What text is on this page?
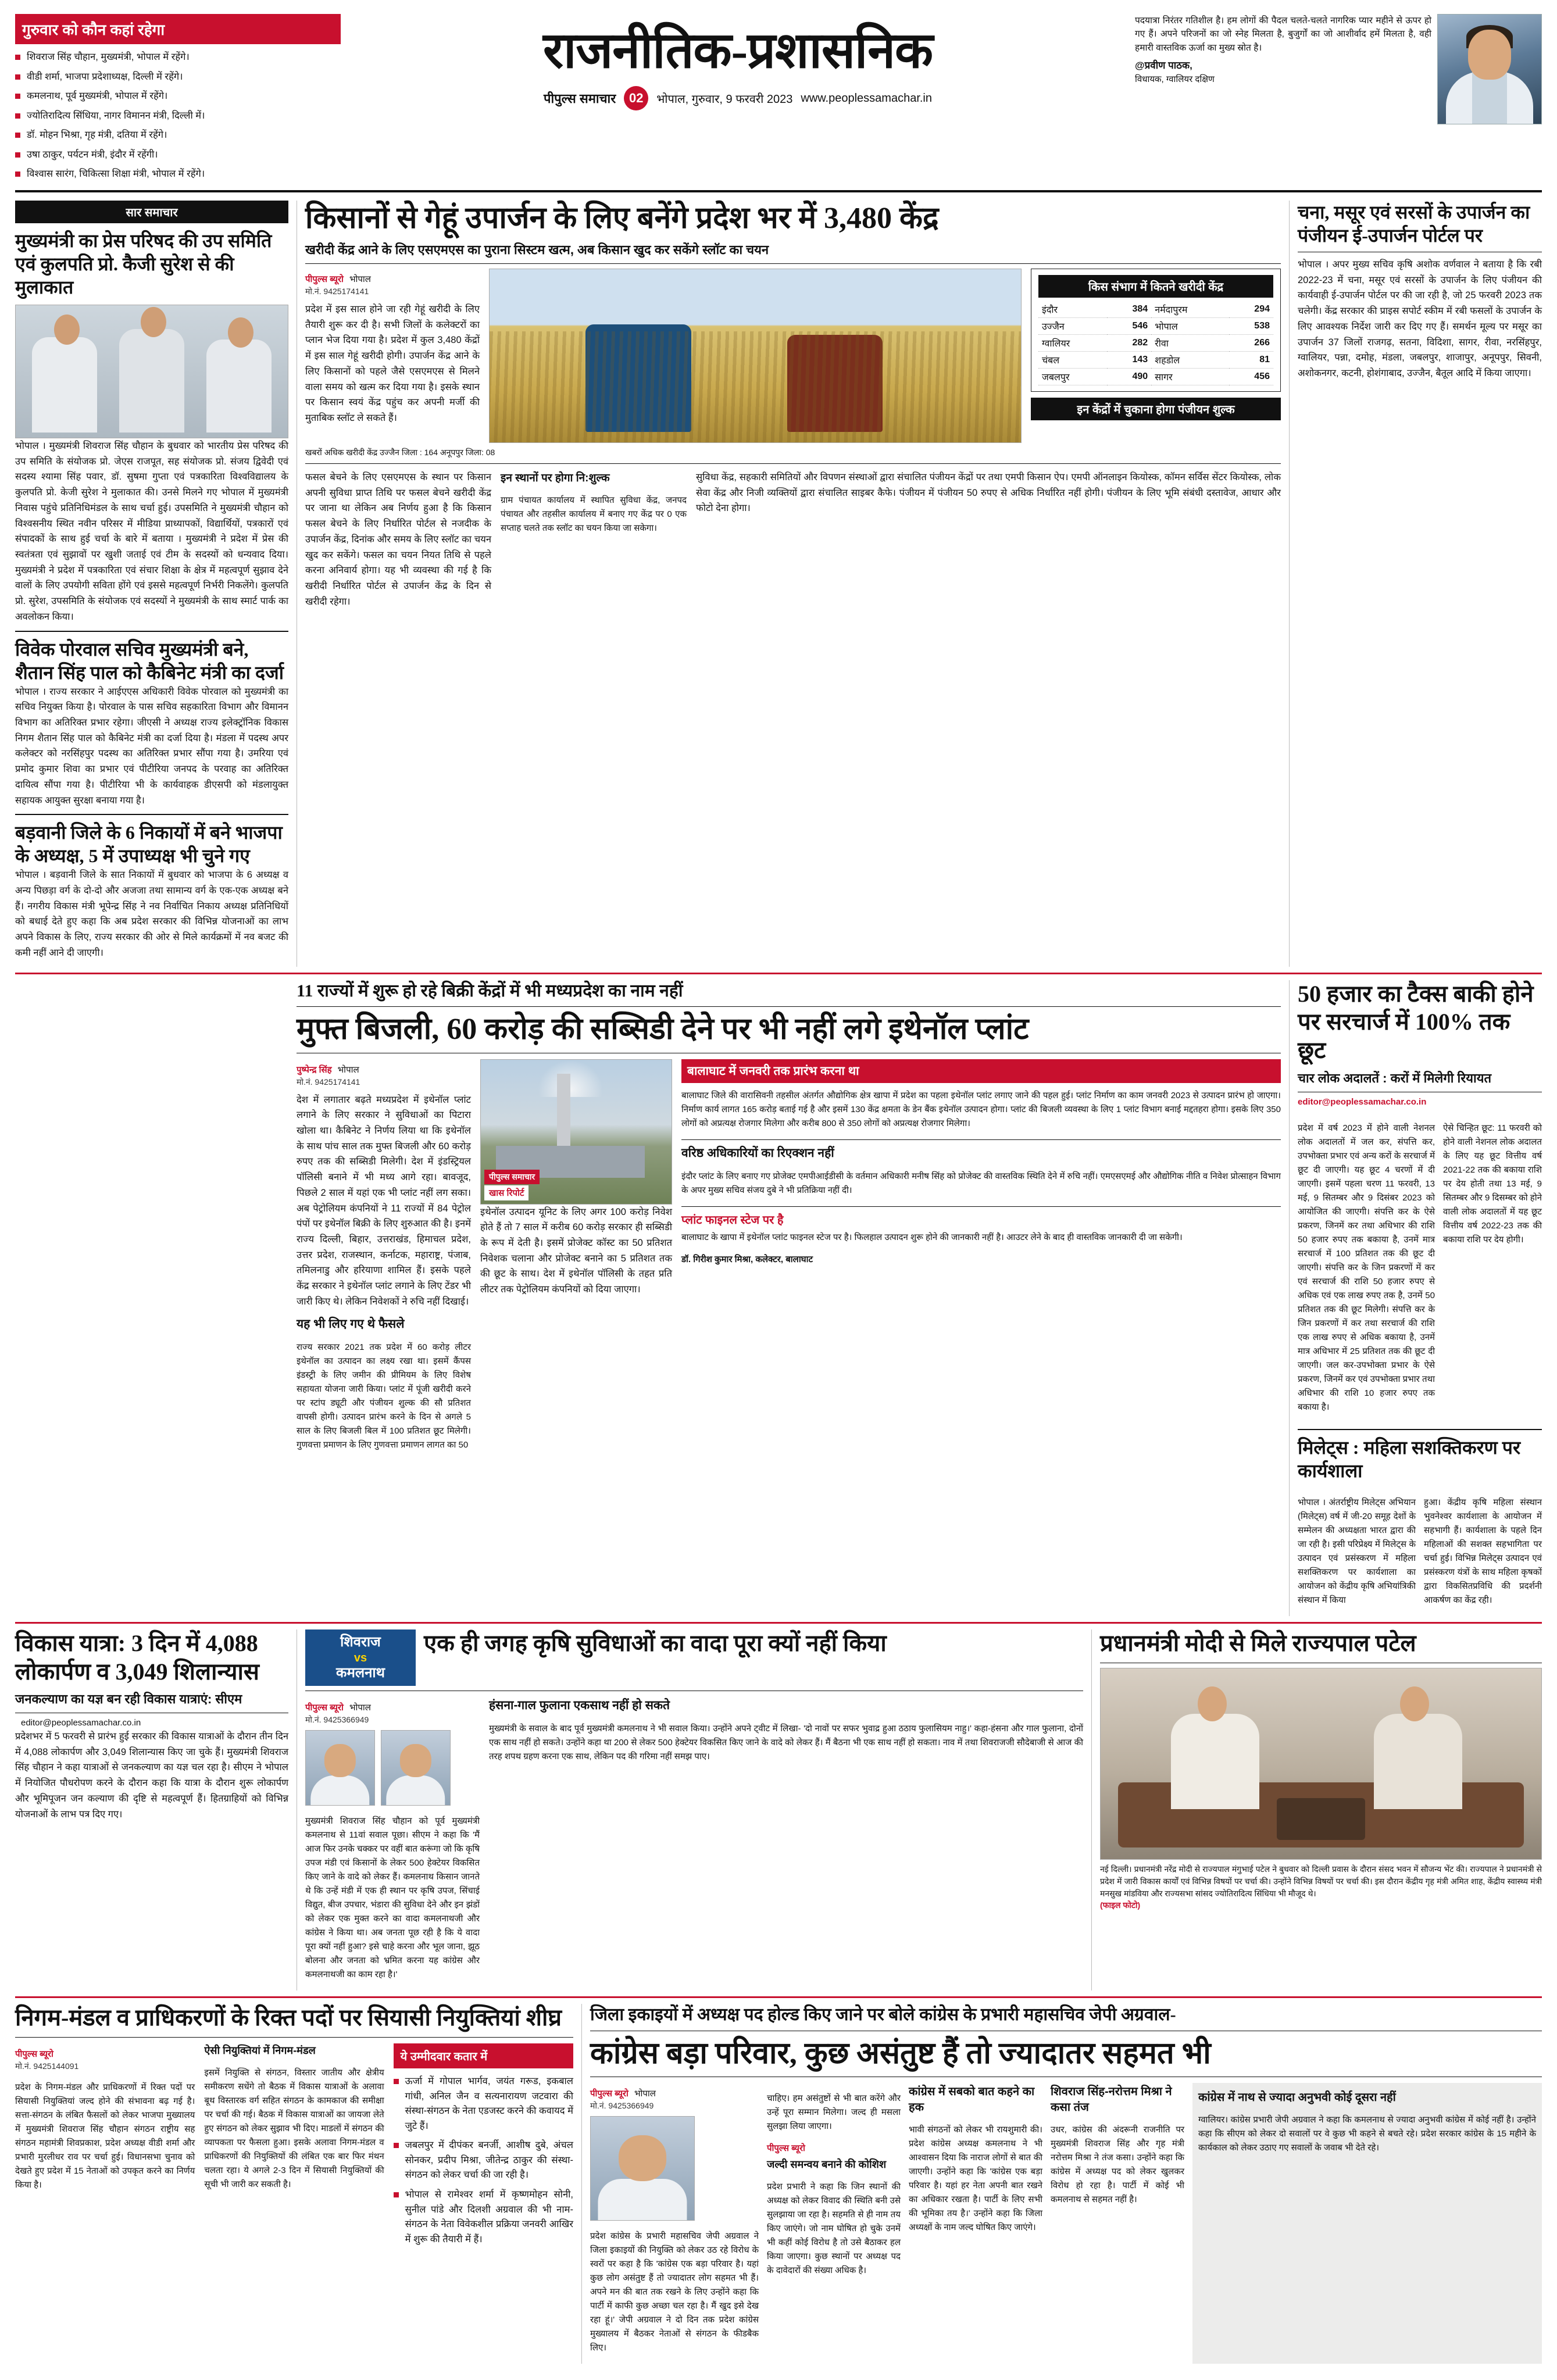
गुरुवार को कौन कहां रहेगा
शिवराज सिंह चौहान, मुख्यमंत्री, भोपाल में रहेंगे।
वीडी शर्मा, भाजपा प्रदेशाध्यक्ष, दिल्ली में रहेंगे।
कमलनाथ, पूर्व मुख्यमंत्री, भोपाल में रहेंगे।
ज्योतिरादित्य सिंधिया, नागर विमानन मंत्री, दिल्ली में।
डॉ. मोहन भिश्रा, गृह मंत्री, दतिया में रहेंगे।
उषा ठाकुर, पर्यटन मंत्री, इंदौर में रहेंगी।
विश्वास सारंग, चिकित्सा शिक्षा मंत्री, भोपाल में रहेंगे।
राजनीतिक-प्रशासनिक
पीपुल्स समाचार	02	भोपाल, गुरुवार, 9 फरवरी 2023 www.peoplessamachar.in
पदयात्रा निरंतर गतिशील है। हम लोगों की पैदल चलते-चलते नागरिक प्यार महीने से ऊपर हो गए हैं। अपने परिजनों का जो स्नेह मिलता है, बुजुर्गों का जो आशीर्वाद हमें मिलता है, वही हमारी वास्तविक ऊर्जा का मुख्य स्रोत है।
@प्रवीण पाठक,
विधायक, ग्वालियर दक्षिण
सार समाचार
मुख्यमंत्री का प्रेस परिषद की उप समिति एवं कुलपति प्रो. कैजी सुरेश से की मुलाकात

भोपाल । मुख्यमंत्री शिवराज सिंह चौहान के बुधवार को भारतीय प्रेस परिषद की उप समिति के संयोजक प्रो. जेएस राजपूत, सह संयोजक प्रो. संजय द्विवेदी एवं सदस्य श्यामा सिंह पवार, डॉ. सुषमा गुप्ता एवं पत्रकारिता विश्वविद्यालय के कुलपति प्रो. केजी सुरेश ने मुलाकात की। उनसे मिलने गए भोपाल में मुख्यमंत्री निवास पहुंचे प्रतिनिधिमंडल के साथ चर्चा हुई। उपसमिति ने मुख्यमंत्री चौहान को विश्वसनीय स्थित नवीन परिसर में मीडिया प्राध्यापकों, विद्यार्थियों, पत्रकारों एवं संपादकों के साथ हुई चर्चा के बारे में बताया । मुख्यमंत्री ने प्रदेश में प्रेस की स्वतंत्रता एवं सुझावों पर खुशी जताई एवं टीम के सदस्यों को धन्यवाद दिया। मुख्यमंत्री ने प्रदेश में पत्रकारिता एवं संचार शिक्षा के क्षेत्र में महत्वपूर्ण सुझाव देने वालों के लिए उपयोगी सविता होंगे एवं इससे महत्वपूर्ण निर्भरी निकलेंगे। कुलपति प्रो. सुरेश, उपसमिति के संयोजक एवं सदस्यों ने मुख्यमंत्री के साथ स्मार्ट पार्क का अवलोकन किया।

विवेक पोरवाल सचिव मुख्यमंत्री बने, शैतान सिंह पाल को कैबिनेट मंत्री का दर्जा

भोपाल । राज्य सरकार ने आईएएस अधिकारी विवेक पोरवाल को मुख्यमंत्री का सचिव नियुक्त किया है। पोरवाल के पास सचिव सहकारिता विभाग और विमानन विभाग का अतिरिक्त प्रभार रहेगा। जीएसी ने अध्यक्ष राज्य इलेक्ट्रॉनिक विकास निगम शैतान सिंह पाल को कैबिनेट मंत्री का दर्जा दिया है। मंडला में पदस्थ अपर कलेक्टर को नरसिंहपुर पदस्थ का अतिरिक्त प्रभार सौंपा गया है। उमरिया एवं प्रमोद कुमार शिवा का प्रभार एवं पीटीरिया जनपद के परवाह का अतिरिक्त दायित्व सौंपा गया है। पीटीरिया भी के कार्यवाहक डीएसपी को मंडलायुक्त सहायक आयुक्त सुरक्षा बनाया गया है।

बड़वानी जिले के 6 निकायों में बने भाजपा के अध्यक्ष, 5 में उपाध्यक्ष भी चुने गए

भोपाल । बड़वानी जिले के सात निकायों में बुधवार को भाजपा के 6 अध्यक्ष व अन्य पिछड़ा वर्ग के दो-दो और अजजा तथा सामान्य वर्ग के एक-एक अध्यक्ष बने हैं। नगरीय विकास मंत्री भूपेन्द्र सिंह ने नव निर्वाचित निकाय अध्यक्ष प्रतिनिधियों को बधाई देते हुए कहा कि अब प्रदेश सरकार की विभिन्न योजनाओं का लाभ अपने विकास के लिए, राज्य सरकार की ओर से मिले कार्यक्रमों में नव बजट की कमी नहीं आने दी जाएगी।

किसानों से गेहूं उपार्जन के लिए बनेंगे प्रदेश भर में 3,480 केंद्र
खरीदी केंद्र आने के लिए एसएमएस का पुराना सिस्टम खत्म, अब किसान खुद कर सकेंगे स्लॉट का चयन
पीपुल्स ब्यूरो भोपाल
मो.नं. 9425174141

प्रदेश में इस साल होने जा रही गेहूं खरीदी के लिए तैयारी शुरू कर दी है। सभी जिलों के कलेक्टरों का प्लान भेज दिया गया है। प्रदेश में कुल 3,480 केंद्रों में इस साल गेहूं खरीदी होगी। उपार्जन केंद्र आने के लिए किसानों को पहले जैसे एसएमएस से मिलने वाला समय को खत्म कर दिया गया है। इसके स्थान पर किसान स्वयं केंद्र पहुंच कर अपनी मर्जी की मुताबिक स्लॉट ले सकते हैं।

किस संभाग में कितने खरीदी केंद्र
इंदौर	384	नर्मदापुरम	294
उज्जैन	546	भोपाल	538
ग्वालियर	282	रीवा	266
चंबल	143	शहडोल	81
जबलपुर	490	सागर	456
इन केंद्रों में चुकाना होगा पंजीयन शुल्क
खबरों अधिक खरीदी केंद्र उज्जैन जिला : 164 अनूपपुर जिला: 08

फसल बेचने के लिए एसएमएस के स्थान पर किसान अपनी सुविधा प्राप्त तिथि पर फसल बेचने खरीदी केंद्र पर जाना था लेकिन अब निर्णय हुआ है कि किसान फसल बेचने के लिए निर्धारित पोर्टल से नजदीक के उपार्जन केंद्र, दिनांक और समय के लिए स्लॉट का चयन खुद कर सकेंगे। फसल का चयन नियत तिथि से पहले करना अनिवार्य होगा। यह भी व्यवस्था की गई है कि खरीदी निर्धारित पोर्टल से उपार्जन केंद्र के दिन से खरीदी रहेगा।

इन स्थानों पर होगा नि:शुल्क

ग्राम पंचायत कार्यालय में स्थापित सुविधा केंद्र, जनपद पंचायत और तहसील कार्यालय में बनाए गए केंद्र पर 0 एक सप्ताह चलते तक स्लॉट का चयन किया जा सकेगा।

सुविधा केंद्र, सहकारी समितियों और विपणन संस्थाओं द्वारा संचालित पंजीयन केंद्रों पर तथा एमपी किसान ऐप। एमपी ऑनलाइन कियोस्क, कॉमन सर्विस सेंटर कियोस्क, लोक सेवा केंद्र और निजी व्यक्तियों द्वारा संचालित साइबर कैफे। पंजीयन में पंजीयन 50 रुपए से अधिक निर्धारित नहीं होगी। पंजीयन के लिए भूमि संबंधी दस्तावेज, आधार और फोटो देना होगा।

चना, मसूर एवं सरसों के उपार्जन का पंजीयन ई-उपार्जन पोर्टल पर

भोपाल । अपर मुख्य सचिव कृषि अशोक वर्णवाल ने बताया है कि रबी 2022-23 में चना, मसूर एवं सरसों के उपार्जन के लिए पंजीयन की कार्यवाही ई-उपार्जन पोर्टल पर की जा रही है, जो 25 फरवरी 2023 तक चलेगी। केंद्र सरकार की प्राइस सपोर्ट स्कीम में रबी फसलों के उपार्जन के लिए आवश्यक निर्देश जारी कर दिए गए हैं। समर्थन मूल्य पर मसूर का उपार्जन 37 जिलों राजगढ़, सतना, विदिशा, सागर, रीवा, नरसिंहपुर, ग्वालियर, पन्ना, दमोह, मंडला, जबलपुर, शाजापुर, अनूपपुर, सिवनी, अशोकनगर, कटनी, होशंगाबाद, उज्जैन, बैतूल आदि में किया जाएगा।

11 राज्यों में शुरू हो रहे बिक्री केंद्रों में भी मध्यप्रदेश का नाम नहीं
मुफ्त बिजली, 60 करोड़ की सब्सिडी देने पर भी नहीं लगे इथेनॉल प्लांट
पुष्पेन्द्र सिंह भोपाल
मो.नं. 9425174141

देश में लगातार बढ़ते मध्यप्रदेश में इथेनॉल प्लांट लगाने के लिए सरकार ने सुविधाओं का पिटारा खोला था। कैबिनेट ने निर्णय लिया था कि इथेनॉल के साथ पांच साल तक मुफ्त बिजली और 60 करोड़ रुपए तक की सब्सिडी मिलेगी। देश में इंडस्ट्रियल पॉलिसी बनाने में भी मध्य आगे रहा। बावजूद, पिछले 2 साल में यहां एक भी प्लांट नहीं लग सका। अब पेट्रोलियम कंपनियों ने 11 राज्यों में 84 पेट्रोल पंपों पर इथेनॉल बिक्री के लिए शुरुआत की है। इनमें राज्य दिल्ली, बिहार, उत्तराखंड, हिमाचल प्रदेश, उत्तर प्रदेश, राजस्थान, कर्नाटक, महाराष्ट्र, पंजाब, तमिलनाडु और हरियाणा शामिल हैं। इसके पहले केंद्र सरकार ने इथेनॉल प्लांट लगाने के लिए टेंडर भी जारी किए थे। लेकिन निवेशकों ने रुचि नहीं दिखाई।

यह भी लिए गए थे फैसले

राज्य सरकार 2021 तक प्रदेश में 60 करोड़ लीटर इथेनॉल का उत्पादन का लक्ष्य रखा था। इसमें कैंपस इंडस्ट्री के लिए जमीन की प्रीमियम के लिए विशेष सहायता योजना जारी किया। प्लांट में पूंजी खरीदी करने पर स्टांप ड्यूटी और पंजीयन शुल्क की सौ प्रतिशत वापसी होगी। उत्पादन प्रारंभ करने के दिन से अगले 5 साल के लिए बिजली बिल में 100 प्रतिशत छूट मिलेगी। गुणवत्ता प्रमाणन के लिए गुणवत्ता प्रमाणन लागत का 50

पीपुल्स समाचार
खास रिपोर्ट

इथेनॉल उत्पादन यूनिट के लिए अगर 100 करोड़ निवेश होते हैं तो 7 साल में करीब 60 करोड़ सरकार ही सब्सिडी के रूप में देती है। इसमें प्रोजेक्ट कॉस्ट का 50 प्रतिशत निवेशक चलाना और प्रोजेक्ट बनाने का 5 प्रतिशत तक की छूट के साथ। देश में इथेनॉल पॉलिसी के तहत प्रति लीटर तक पेट्रोलियम कंपनियों को दिया जाएगा।

बालाघाट में जनवरी तक प्रारंभ करना था

बालाघाट जिले की वारासिवनी तहसील अंतर्गत औद्योगिक क्षेत्र खापा में प्रदेश का पहला इथेनॉल प्लांट लगाए जाने की पहल हुई। प्लांट निर्माण का काम जनवरी 2023 से उत्पादन प्रारंभ हो जाएगा। निर्माण कार्य लागत 165 करोड़ बताई गई है और इसमें 130 केंद्र क्षमता के डेन बैंक इथेनॉल उत्पादन होगा। प्लांट की बिजली व्यवस्था के लिए 1 प्लांट विभाग बनाई मद्दतहरा होगा। इसके लिए 350 लोगों को अप्रत्यक्ष रोजगार मिलेगा और करीब 800 से 350 लोगों को अप्रत्यक्ष रोजगार मिलेगा।

वरिष्ठ अधिकारियों का रिएक्शन नहीं

इंदौर प्लांट के लिए बनाए गए प्रोजेक्ट एमपीआईडीसी के वर्तमान अधिकारी मनीष सिंह को प्रोजेक्ट की वास्तविक स्थिति देने में रुचि नहीं। एमएसएमई और औद्योगिक नीति व निवेश प्रोत्साहन विभाग के अपर मुख्य सचिव संजय दुबे ने भी प्रतिक्रिया नहीं दी।

प्लांट फाइनल स्टेज पर है

बालाघाट के खापा में इथेनॉल प्लांट फाइनल स्टेज पर है। फिलहाल उत्पादन शुरू होने की जानकारी नहीं है। आउटर लेने के बाद ही वास्तविक जानकारी दी जा सकेगी।

डॉ. गिरीश कुमार मिश्रा, कलेक्टर, बालाघाट
50 हजार का टैक्स बाकी होने पर सरचार्ज में 100% तक छूट
चार लोक अदालतें : करों में मिलेगी रियायत
editor@peoplessamachar.co.in

प्रदेश में वर्ष 2023 में होने वाली नेशनल लोक अदालतों में जल कर, संपत्ति कर, उपभोक्ता प्रभार एवं अन्य करों के सरचार्ज में छूट दी जाएगी। यह छूट 4 चरणों में दी जाएगी। इसमें पहला चरण 11 फरवरी, 13 मई, 9 सितम्बर और 9 दिसंबर 2023 को आयोजित की जाएगी। संपत्ति कर के ऐसे प्रकरण, जिनमें कर तथा अधिभार की राशि 50 हजार रुपए तक बकाया है, उनमें मात्र सरचार्ज में 100 प्रतिशत तक की छूट दी जाएगी। संपत्ति कर के जिन प्रकरणों में कर एवं सरचार्ज की राशि 50 हजार रुपए से अधिक एवं एक लाख रुपए तक है, उनमें 50 प्रतिशत तक की छूट मिलेगी। संपत्ति कर के जिन प्रकरणों में कर तथा सरचार्ज की राशि एक लाख रुपए से अधिक बकाया है, उनमें मात्र अधिभार में 25 प्रतिशत तक की छूट दी जाएगी। जल कर-उपभोक्ता प्रभार के ऐसे प्रकरण, जिनमें कर एवं उपभोक्ता प्रभार तथा अधिभार की राशि 10 हजार रुपए तक बकाया है।

ऐसे चिन्हित छूट: 11 फरवरी को होने वाली नेशनल लोक अदालत के लिए यह छूट वित्तीय वर्ष 2021-22 तक की बकाया राशि पर देय होती तथा 13 मई, 9 सितम्बर और 9 दिसम्बर को होने वाली लोक अदालतों में यह छूट वित्तीय वर्ष 2022-23 तक की बकाया राशि पर देय होगी।

मिलेट्स : महिला सशक्तिकरण पर कार्यशाला

भोपाल । अंतर्राष्ट्रीय मिलेट्स अभियान (मिलेट्स) वर्ष में जी-20 समूह देशों के सम्मेलन की अध्यक्षता भारत द्वारा की जा रही है। इसी परिप्रेक्ष्य में मिलेट्स के उत्पादन एवं प्रसंस्करण में महिला सशक्तिकरण पर कार्यशाला का आयोजन को केंद्रीय कृषि अभियांत्रिकी संस्थान में किया

हुआ। केंद्रीय कृषि महिला संस्थान भुवनेश्वर कार्यशाला के आयोजन में सहभागी हैं। कार्यशाला के पहले दिन महिलाओं की सशक्त सहभागिता पर चर्चा हुई। विभिन्न मिलेट्स उत्पादन एवं प्रसंस्करण यंत्रों के साथ महिला कृषकों द्वारा विकसितप्रविधि की प्रदर्शनी आकर्षण का केंद्र रही।

विकास यात्रा: 3 दिन में 4,088 लोकार्पण व 3,049 शिलान्यास
जनकल्याण का यज्ञ बन रही विकास यात्राएं: सीएम
editor@peoplessamachar.co.in

प्रदेशभर में 5 फरवरी से प्रारंभ हुई सरकार की विकास यात्राओं के दौरान तीन दिन में 4,088 लोकार्पण और 3,049 शिलान्यास किए जा चुके हैं। मुख्यमंत्री शिवराज सिंह चौहान ने कहा यात्राओं से जनकल्याण का यज्ञ चल रहा है। सीएम ने भोपाल में नियोजित पौधरोपण करने के दौरान कहा कि यात्रा के दौरान शुरू लोकार्पण और भूमिपूजन जन कल्याण की दृष्टि से महत्वपूर्ण हैं। हितग्राहियों को विभिन्न योजनाओं के लाभ पत्र दिए गए।

शिवराज
vs
कमलनाथ
एक ही जगह कृषि सुविधाओं का वादा पूरा क्यों नहीं किया
पीपुल्स ब्यूरो भोपाल
मो.नं. 9425366949

मुख्यमंत्री शिवराज सिंह चौहान को पूर्व मुख्यमंत्री कमलनाथ से 11वां सवाल पूछा। सीएम ने कहा कि 'मैं आज फिर उनके चक्कर पर वहीं बात करूंगा जो कि कृषि उपज मंडी एवं किसानों के लेकर 500 हेक्टेयर विकसित किए जाने के वादे को लेकर हैं। कमलनाथ किसान जानते थे कि उन्हें मंडी में एक ही स्थान पर कृषि उपज, सिंचाई विद्युत, बीज उपचार, भंडारा की सुविधा देने और इन झंडों को लेकर एक मुक्त करने का वादा कमलनाथजी और कांग्रेस ने किया था। अब जनता पूछ रही है कि ये वादा पूरा क्यों नहीं हुआ? इसे चाहे करना और भूल जाना, झूठ बोलना और जनता को भ्रमित करना यह कांग्रेस और कमलनाथजी का काम रहा है।'

हंसना-गाल फुलाना एकसाथ नहीं हो सकते

मुख्यमंत्री के सवाल के बाद पूर्व मुख्यमंत्री कमलनाथ ने भी सवाल किया। उन्होंने अपने ट्वीट में लिखा- 'दो नावों पर सफर भुवाद्र हुआ ठठाय फुलासियम नाहु।' कहा-हंसना और गाल फुलाना, दोनों एक साथ नहीं हो सकते। उन्होंने कहा था 200 से लेकर 500 हेक्टेयर विकसित किए जाने के वादे को लेकर हैं। मैं बैठना भी एक साथ नहीं हो सकता। नाव में तथा शिवराजजी सौदेबाजी से आज की तरह शपथ ग्रहण करना एक साथ, लेकिन पद की गरिमा नहीं समझ पाए।

प्रधानमंत्री मोदी से मिले राज्यपाल पटेल
नई दिल्ली। प्रधानमंत्री नरेंद्र मोदी से राज्यपाल मंगुभाई पटेल ने बुधवार को दिल्ली प्रवास के दौरान संसद भवन में सौजन्य भेंट की। राज्यपाल ने प्रधानमंत्री से प्रदेश में जारी विकास कार्यों एवं विभिन्न विषयों पर चर्चा की। उन्होंने विभिन्न विषयों पर चर्चा की। इस दौरान केंद्रीय गृह मंत्री अमित शाह, केंद्रीय स्वास्थ्य मंत्री मनसुख मांडविया और राज्यसभा सांसद ज्योतिरादित्य सिंधिया भी मौजूद थे।
(फाइल फोटो)
निगम-मंडल व प्राधिकरणों के रिक्त पदों पर सियासी नियुक्तियां शीघ्र
पीपुल्स ब्यूरो
मो.नं. 9425144091

प्रदेश के निगम-मंडल और प्राधिकरणों में रिक्त पदों पर सियासी नियुक्तियां जल्द होने की संभावना बढ़ गई है। सत्ता-संगठन के लंबित फैसलों को लेकर भाजपा मुख्यालय में मुख्यमंत्री शिवराज सिंह चौहान संगठन राष्ट्रीय सह संगठन महामंत्री शिवप्रकाश, प्रदेश अध्यक्ष वीडी शर्मा और प्रभारी मुरलीधर राव पर चर्चा हुई। विधानसभा चुनाव को देखते हुए प्रदेश में 15 नेताओं को उपकृत करने का निर्णय किया है।

ऐसी नियुक्तियां में निगम-मंडल

इसमें नियुक्ति से संगठन, विस्तार जातीय और क्षेत्रीय समीकरण सधेंगे तो बैठक में विकास यात्राओं के अलावा बूथ विस्तारक वर्ग सहित संगठन के कामकाज की समीक्षा पर चर्चा की गई। बैठक में विकास यात्राओं का जायजा लेते हुए संगठन को लेकर सुझाव भी दिए। माडलों में संगठन की व्यापकता पर फैसला हुआ। इसके अलावा निगम-मंडल व प्राधिकरणों की नियुक्तियों की लंबित एक बार फिर मंथन चलता रहा। ये अगले 2-3 दिन में सियासी नियुक्तियों की सूची भी जारी कर सकती है।

ये उम्मीदवार कतार में
ऊर्जा में गोपाल भार्गव, जयंत गरूड, इकबाल गांधी, अनिल जैन व सत्यनारायण जटवारा की संस्था-संगठन के नेता एडजस्ट करने की कवायद में जुटे हैं।
जबलपुर में दीपंकर बनर्जी, आशीष दुबे, अंचल सोनकर, प्रदीप मिश्रा, जीतेन्द्र ठाकुर की संस्था-संगठन को लेकर चर्चा की जा रही है।
भोपाल से रामेश्वर शर्मा में कृष्णमोहन सोनी, सुनील पांडे और दिलशी अग्रवाल की भी नाम-संगठन के नेता विवेकशील प्रक्रिया जनवरी आखिर में शुरू की तैयारी में हैं।
जिला इकाइयों में अध्यक्ष पद होल्ड किए जाने पर बोले कांग्रेस के प्रभारी महासचिव जेपी अग्रवाल-
कांग्रेस बड़ा परिवार, कुछ असंतुष्ट हैं तो ज्यादातर सहमत भी
पीपुल्स ब्यूरो भोपाल
मो.नं. 9425366949

प्रदेश कांग्रेस के प्रभारी महासचिव जेपी अग्रवाल ने जिला इकाइयों की नियुक्ति को लेकर उठ रहे विरोध के स्वरों पर कहा है कि 'कांग्रेस एक बड़ा परिवार है। यहां कुछ लोग असंतुष्ट हैं तो ज्यादातर लोग सहमत भी हैं। अपने मन की बात तक रखने के लिए उन्होंने कहा कि पार्टी में काफी कुछ अच्छा चल रहा है। मैं खुद इसे देख रहा हूं।' जेपी अग्रवाल ने दो दिन तक प्रदेश कांग्रेस मुख्यालय में बैठकर नेताओं से संगठन के फीडबैक लिए।

चाहिए। हम असंतुष्टों से भी बात करेंगे और उन्हें पूरा सम्मान मिलेगा। जल्द ही मसला सुलझा लिया जाएगा।

पीपुल्स ब्यूरो
जल्दी समन्वय बनाने की कोशिश

प्रदेश प्रभारी ने कहा कि जिन स्थानों की अध्यक्ष को लेकर विवाद की स्थिति बनी उसे सुलझाया जा रहा है। सहमति से ही नाम तय किए जाएंगे। जो नाम घोषित हो चुके उनमें भी कहीं कोई विरोध है तो उसे बैठाकर हल किया जाएगा। कुछ स्थानों पर अध्यक्ष पद के दावेदारों की संख्या अधिक है।

कांग्रेस में सबको बात कहने का हक

भावी संगठनों को लेकर भी रायशुमारी की। प्रदेश कांग्रेस अध्यक्ष कमलनाथ ने भी आश्वासन दिया कि नाराज लोगों से बात की जाएगी। उन्होंने कहा कि 'कांग्रेस एक बड़ा परिवार है। यहां हर नेता अपनी बात रखने का अधिकार रखता है। पार्टी के लिए सभी की भूमिका तय है।' उन्होंने कहा कि जिला अध्यक्षों के नाम जल्द घोषित किए जाएंगे।

शिवराज सिंह-नरोत्तम मिश्रा ने कसा तंज

उधर, कांग्रेस की अंदरूनी राजनीति पर मुख्यमंत्री शिवराज सिंह और गृह मंत्री नरोत्तम मिश्रा ने तंज कसा। उन्होंने कहा कि कांग्रेस में अध्यक्ष पद को लेकर खुलकर विरोध हो रहा है। पार्टी में कोई भी कमलनाथ से सहमत नहीं है।

कांग्रेस में नाथ से ज्यादा अनुभवी कोई दूसरा नहीं

ग्वालियर। कांग्रेस प्रभारी जेपी अग्रवाल ने कहा कि कमलनाथ से ज्यादा अनुभवी कांग्रेस में कोई नहीं है। उन्होंने कहा कि सीएम को लेकर दो सवालों पर वे कुछ भी कहने से बचते रहे। प्रदेश सरकार कांग्रेस के 15 महीने के कार्यकाल को लेकर उठाए गए सवालों के जवाब भी देते रहे।
